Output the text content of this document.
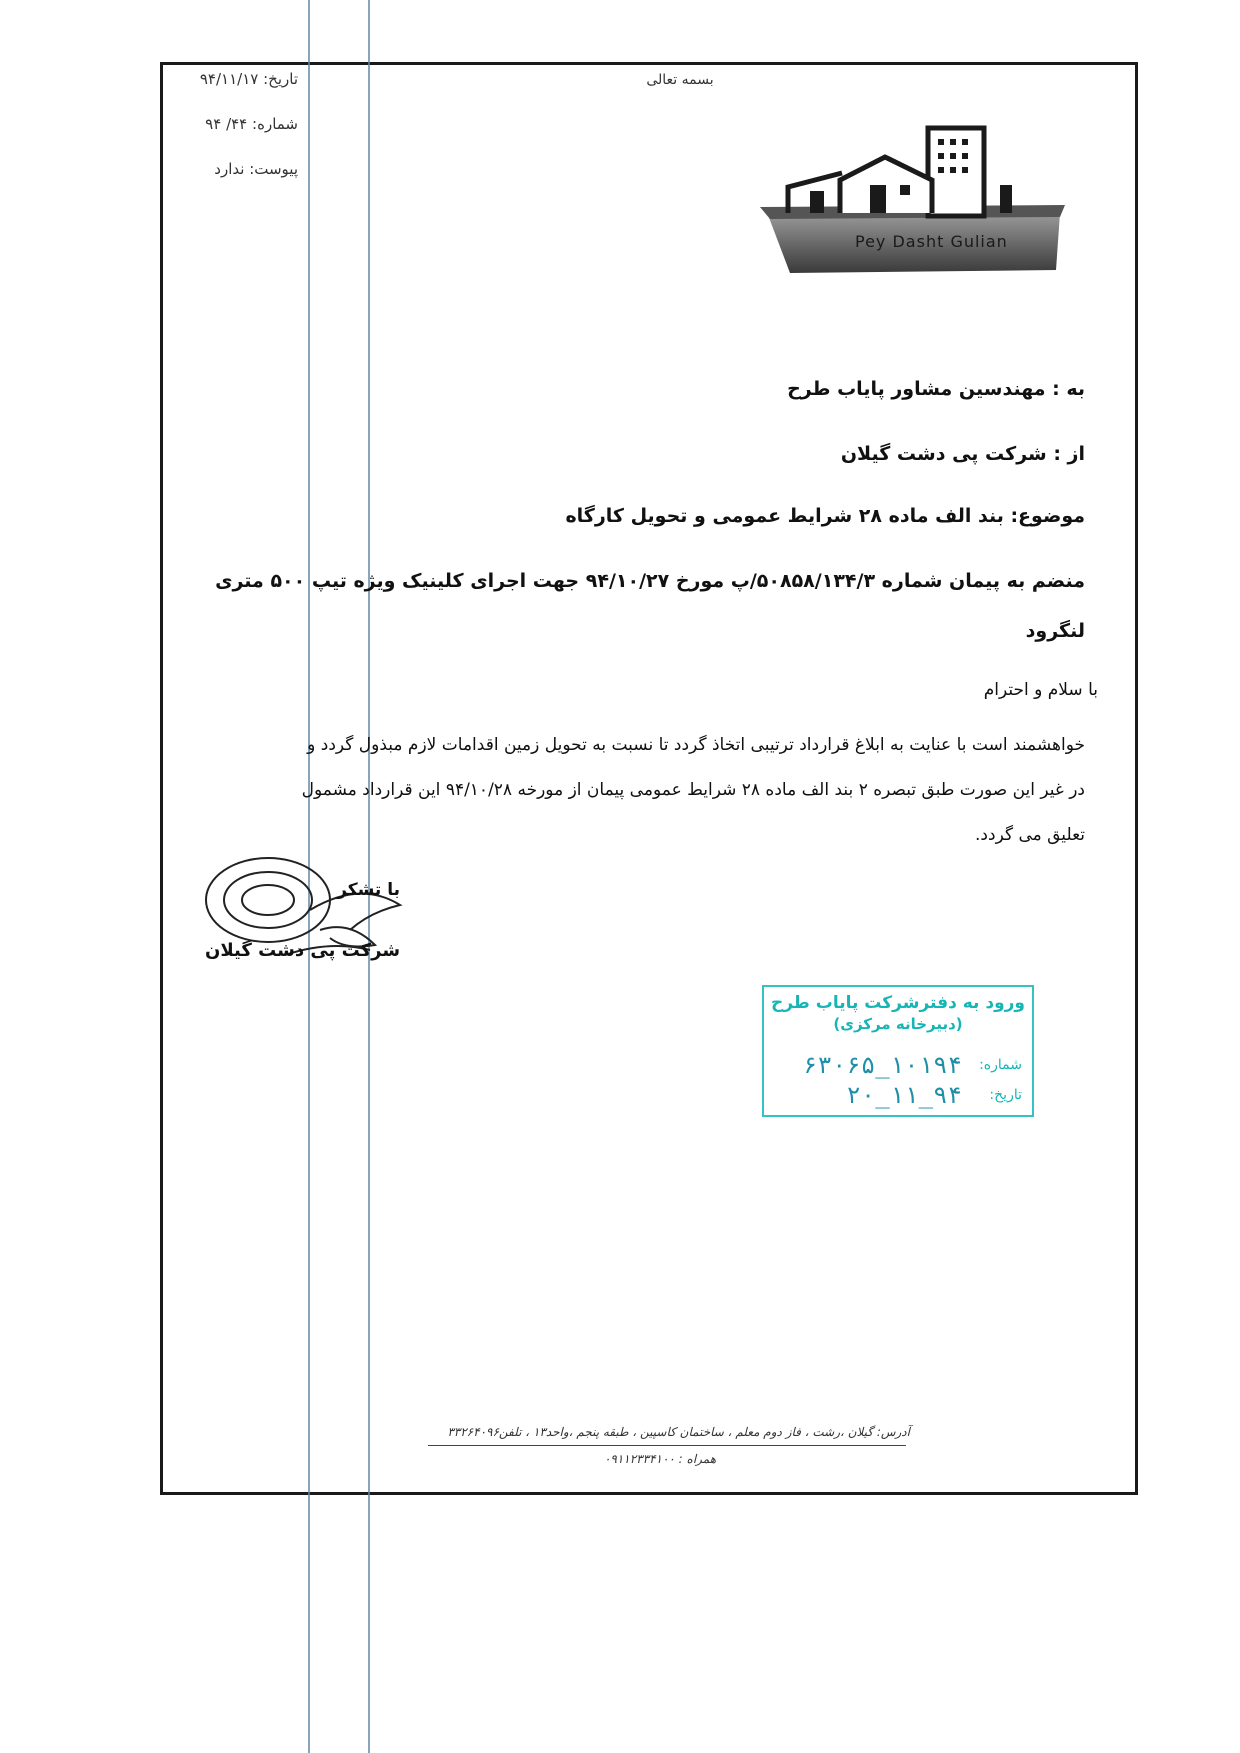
بسمه تعالی
تاریخ: ۹۴/۱۱/۱۷
شماره: ۴۴/ ۹۴
پیوست: ندارد
Pey Dasht Gulian
به : مهندسین مشاور پایاب طرح
از : شرکت پی دشت گیلان
موضوع: بند الف ماده ۲۸ شرایط عمومی و تحویل کارگاه
منضم به پیمان شماره ۵۰۸۵۸/۱۳۴/۳/پ مورخ ۹۴/۱۰/۲۷ جهت اجرای کلینیک ویژه تیپ ۵۰۰ متری
لنگرود
با سلام و احترام
خواهشمند است با عنایت به ابلاغ قرارداد ترتیبی اتخاذ گردد تا نسبت به تحویل زمین اقدامات لازم مبذول گردد و
در غیر این صورت طبق تبصره ۲ بند الف ماده ۲۸ شرایط عمومی پیمان از مورخه ۹۴/۱۰/۲۸ این قرارداد مشمول
تعلیق می گردد.
با تشکر
شرکت پی دشت گیلان
ورود به دفترشرکت پایاب طرح
(دبیرخانه مرکزی)
شماره:
۱۰۱۹۴_۶۳۰۶۵
تاریخ:
۹۴_۱۱_۲۰
آدرس: گیلان ،رشت ، فاز دوم معلم ، ساختمان کاسپین ، طبقه پنجم ،واحد۱۳ ، تلفن۳۳۲۶۴۰۹۶
همراه : ۰۹۱۱۲۳۳۴۱۰۰
